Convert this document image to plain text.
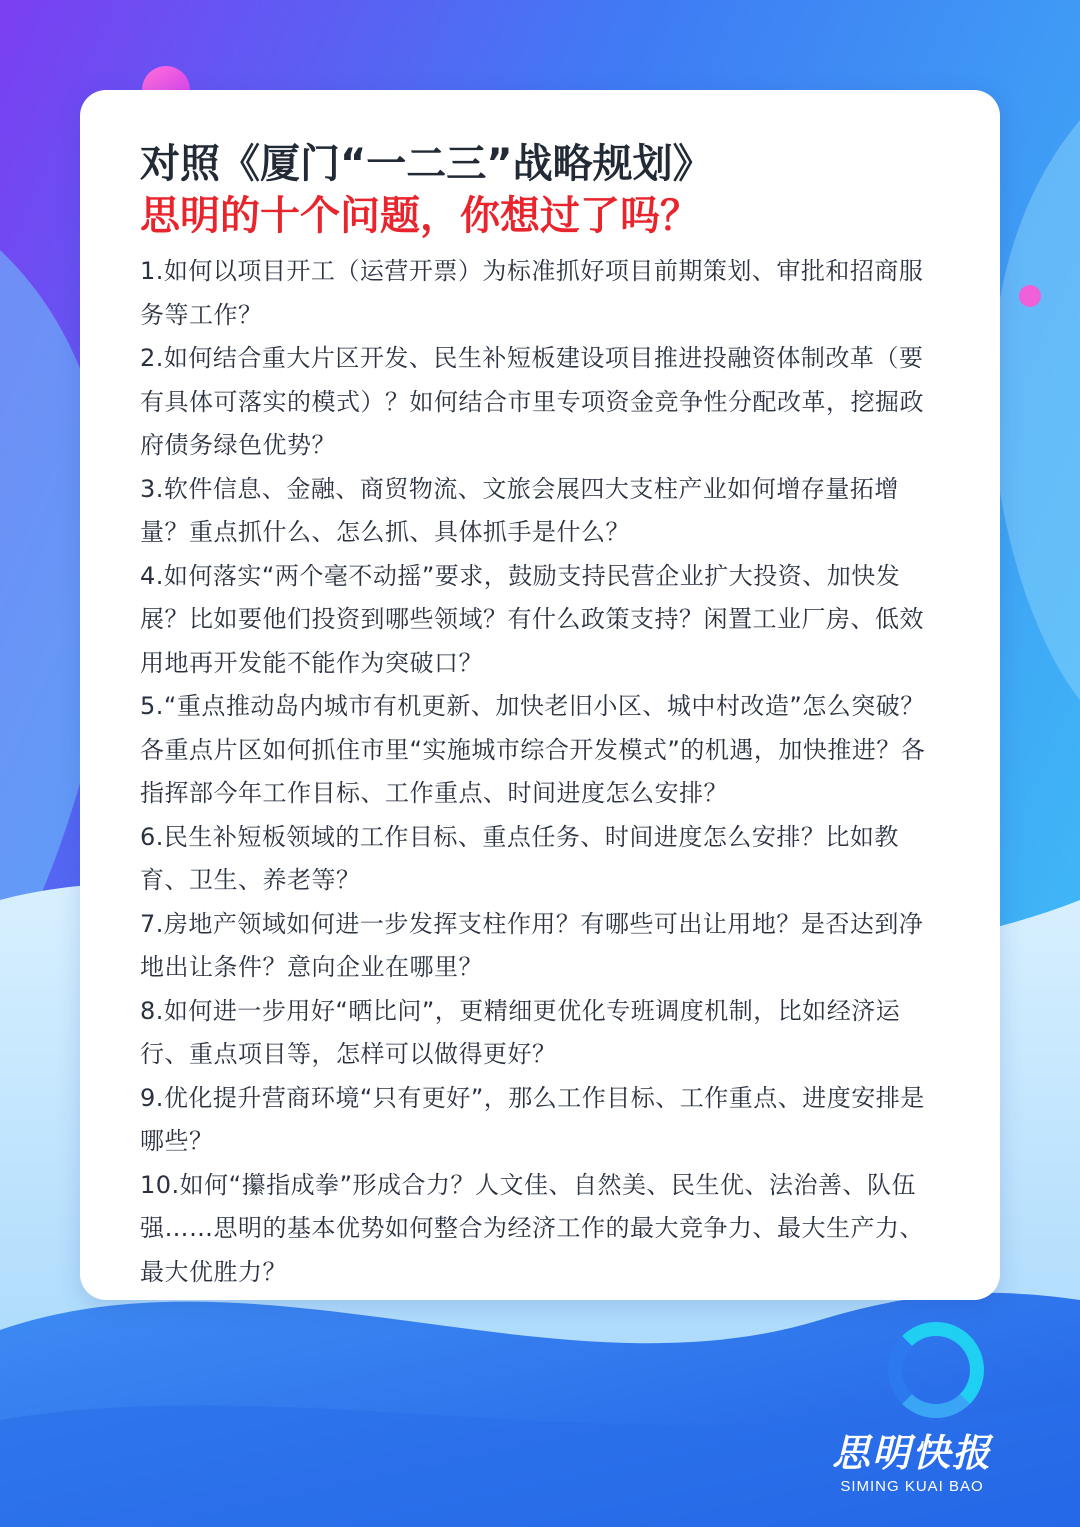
对照《厦门“一二三”战略规划》
思明的十个问题，你想过了吗？

1.如何以项目开工（运营开票）为标准抓好项目前期策划、审批和招商服务等工作？

2.如何结合重大片区开发、民生补短板建设项目推进投融资体制改革（要有具体可落实的模式）？如何结合市里专项资金竞争性分配改革，挖掘政府债务绿色优势？

3.软件信息、金融、商贸物流、文旅会展四大支柱产业如何增存量拓增量？重点抓什么、怎么抓、具体抓手是什么？

4.如何落实“两个毫不动摇”要求，鼓励支持民营企业扩大投资、加快发展？比如要他们投资到哪些领域？有什么政策支持？闲置工业厂房、低效用地再开发能不能作为突破口？

5.“重点推动岛内城市有机更新、加快老旧小区、城中村改造”怎么突破？各重点片区如何抓住市里“实施城市综合开发模式”的机遇，加快推进？各指挥部今年工作目标、工作重点、时间进度怎么安排？

6.民生补短板领域的工作目标、重点任务、时间进度怎么安排？比如教育、卫生、养老等？

7.房地产领域如何进一步发挥支柱作用？有哪些可出让用地？是否达到净地出让条件？意向企业在哪里？

8.如何进一步用好“晒比问”，更精细更优化专班调度机制，比如经济运行、重点项目等，怎样可以做得更好？

9.优化提升营商环境“只有更好”，那么工作目标、工作重点、进度安排是哪些？

10.如何“攥指成拳”形成合力？人文佳、自然美、民生优、法治善、队伍强……思明的基本优势如何整合为经济工作的最大竞争力、最大生产力、最大优胜力？

思明快报
SIMING KUAI BAO
